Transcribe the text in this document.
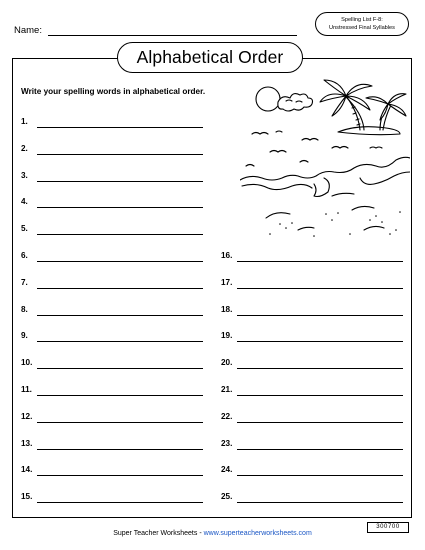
Name:
Spelling List F-8:
Unstressed Final Syllables
Alphabetical Order
Write your spelling words in alphabetical order.
1.
2.
3.
4.
5.
6.
7.
8.
9.
10.
11.
12.
13.
14.
15.
16.
17.
18.
19.
20.
21.
22.
23.
24.
25.
Super Teacher Worksheets - www.superteacherworksheets.com
300700
